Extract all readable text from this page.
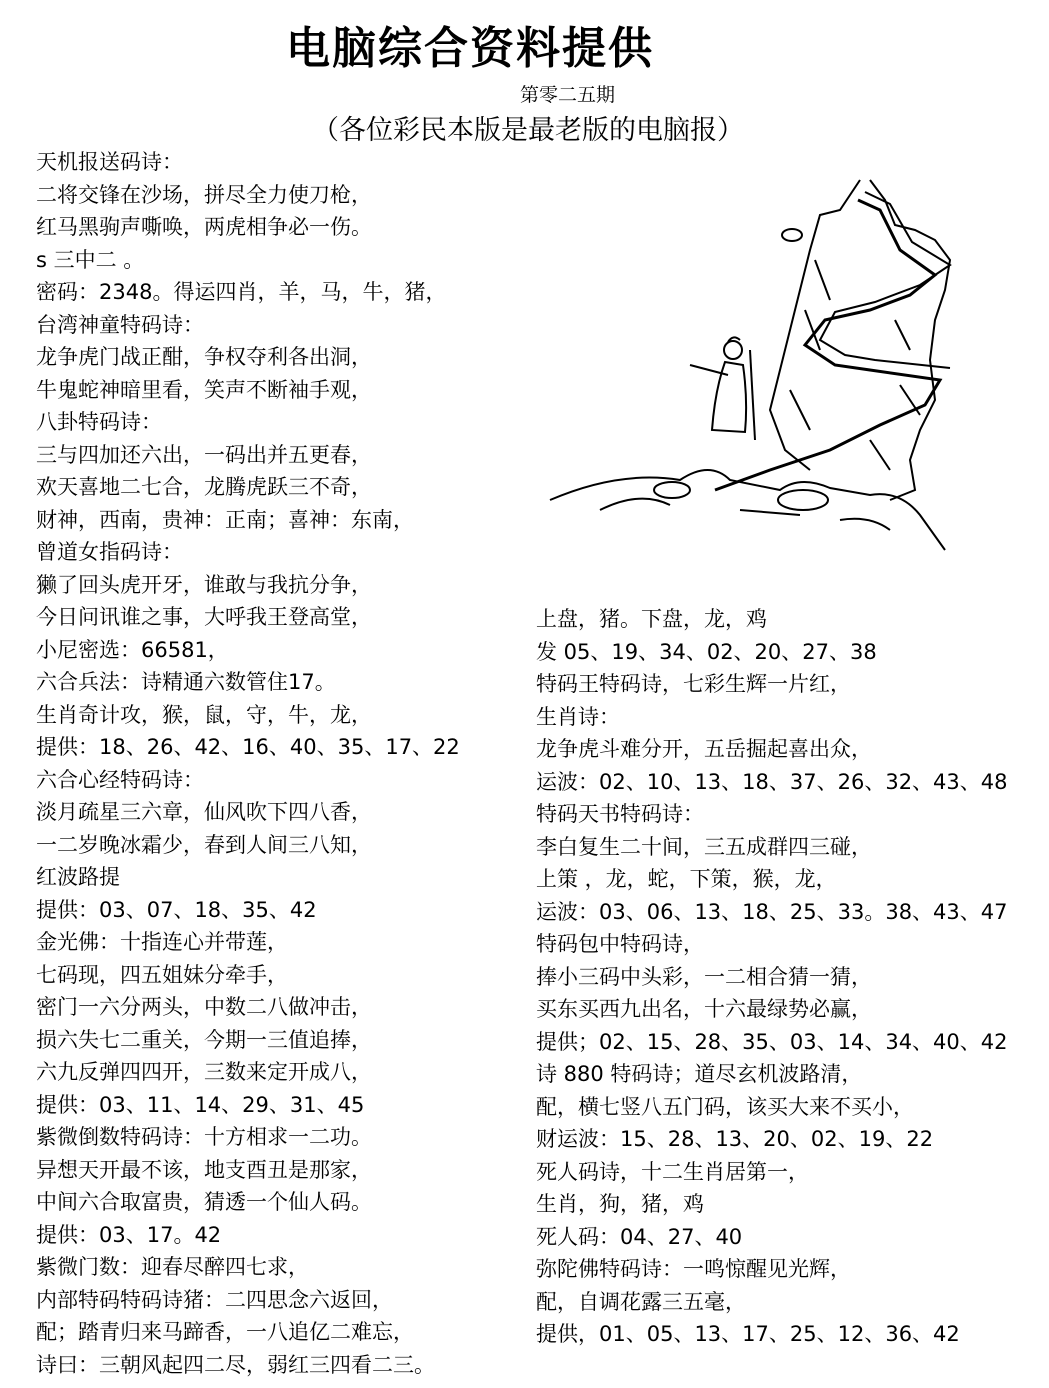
电脑综合资料提供
第零二五期
（各位彩民本版是最老版的电脑报）
天机报送码诗：
二将交锋在沙场，拼尽全力使刀枪，
红马黑驹声嘶唤，两虎相争必一伤。
s 三中二 。
密码：2348。得运四肖，羊，马，牛，猪，
台湾神童特码诗：
龙争虎门战正酣，争权夺利各出洞，
牛鬼蛇神暗里看，笑声不断袖手观，
八卦特码诗：
三与四加还六出，一码出并五更春，
欢天喜地二七合，龙腾虎跃三不奇，
财神，西南，贵神：正南；喜神：东南，
曾道女指码诗：
獭了回头虎开牙，谁敢与我抗分争，
今日问讯谁之事，大呼我王登高堂，
小尼密选：66581，
六合兵法：诗精通六数管住17。
生肖奇计攻，猴，鼠，守，牛，龙，
提供：18、26、42、16、40、35、17、22
六合心经特码诗：
淡月疏星三六章，仙风吹下四八香，
一二岁晚冰霜少，春到人间三八知，
红波路提
提供：03、07、18、35、42
金光佛：十指连心并带莲，
七码现，四五姐妹分牵手，
密门一六分两头，中数二八做冲击，
损六失七二重关，今期一三值追捧，
六九反弹四四开，三数来定开成八，
提供：03、11、14、29、31、45
紫微倒数特码诗：十方相求一二功。
异想天开最不该，地支酉丑是那家，
中间六合取富贵，猜透一个仙人码。
提供：03、17。42
紫微门数：迎春尽醉四七求，
内部特码特码诗猪：二四思念六返回，
配；踏青归来马蹄香，一八追亿二难忘，
诗曰：三朝风起四二尽，弱红三四看二三。
上盘，猪。下盘，龙，鸡
发 05、19、34、02、20、27、38
特码王特码诗，七彩生辉一片红，
生肖诗：
龙争虎斗难分开，五岳掘起喜出众，
运波：02、10、13、18、37、26、32、43、48
特码天书特码诗：
李白复生二十间，三五成群四三碰，
上策 ，龙，蛇，下策，猴，龙，
运波：03、06、13、18、25、33。38、43、47
特码包中特码诗，
捧小三码中头彩，一二相合猜一猜，
买东买西九出名，十六最绿势必赢，
提供；02、15、28、35、03、14、34、40、42
诗 880 特码诗；道尽玄机波路清，
配，横七竖八五门码，该买大来不买小，
财运波：15、28、13、20、02、19、22
死人码诗，十二生肖居第一，
生肖，狗，猪，鸡
死人码：04、27、40
弥陀佛特码诗：一鸣惊醒见光辉，
配，自调花露三五毫，
提供，01、05、13、17、25、12、36、42
